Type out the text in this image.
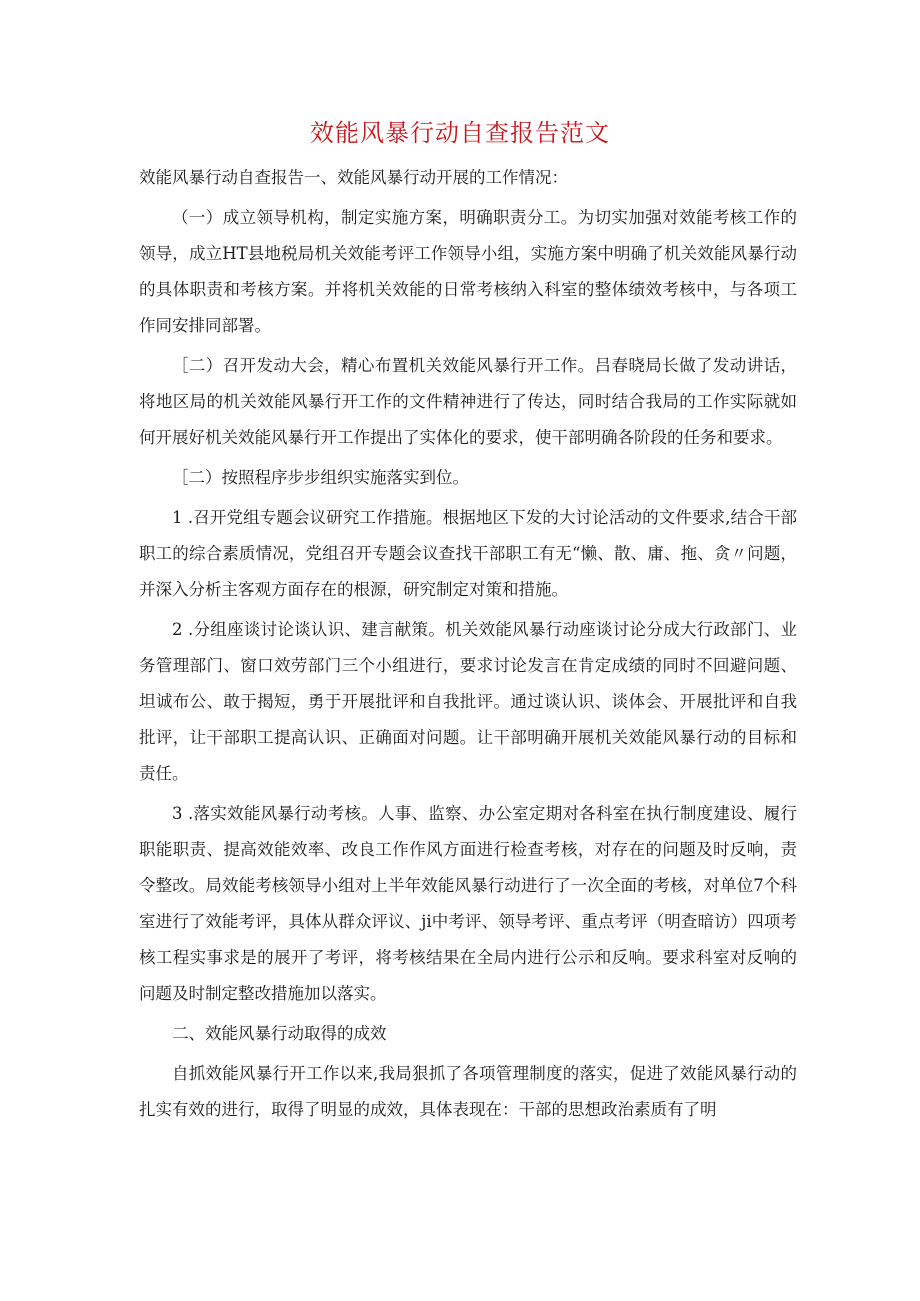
效能风暴行动自查报告范文

效能风暴行动自查报告一、效能风暴行动开展的工作情况：

（一）成立领导机构，制定实施方案，明确职责分工。为切实加强对效能考核工作的领导，成立HT县地税局机关效能考评工作领导小组，实施方案中明确了机关效能风暴行动的具体职责和考核方案。并将机关效能的日常考核纳入科室的整体绩效考核中，与各项工作同安排同部署。

［二）召开发动大会，精心布置机关效能风暴行开工作。吕春晓局长做了发动讲话，将地区局的机关效能风暴行开工作的文件精神进行了传达，同时结合我局的工作实际就如何开展好机关效能风暴行开工作提出了实体化的要求，使干部明确各阶段的任务和要求。

［二）按照程序步步组织实施落实到位。

1 .召开党组专题会议研究工作措施。根据地区下发的大讨论活动的文件要求,结合干部职工的综合素质情况，党组召开专题会议查找干部职工有无“懒、散、庸、拖、贪〃问题，并深入分析主客观方面存在的根源，研究制定对策和措施。

2 .分组座谈讨论谈认识、建言献策。机关效能风暴行动座谈讨论分成大行政部门、业务管理部门、窗口效劳部门三个小组进行，要求讨论发言在肯定成绩的同时不回避问题、坦诚布公、敢于揭短，勇于开展批评和自我批评。通过谈认识、谈体会、开展批评和自我批评，让干部职工提高认识、正确面对问题。让干部明确开展机关效能风暴行动的目标和责任。

3 .落实效能风暴行动考核。人事、监察、办公室定期对各科室在执行制度建设、履行职能职责、提高效能效率、改良工作作风方面进行检查考核，对存在的问题及时反响，责令整改。局效能考核领导小组对上半年效能风暴行动进行了一次全面的考核，对单位7个科室进行了效能考评，具体从群众评议、ji中考评、领导考评、重点考评（明查暗访）四项考核工程实事求是的展开了考评，将考核结果在全局内进行公示和反响。要求科室对反响的问题及时制定整改措施加以落实。

二、效能风暴行动取得的成效

自抓效能风暴行开工作以来,我局狠抓了各项管理制度的落实，促进了效能风暴行动的扎实有效的进行，取得了明显的成效，具体表现在：干部的思想政治素质有了明
